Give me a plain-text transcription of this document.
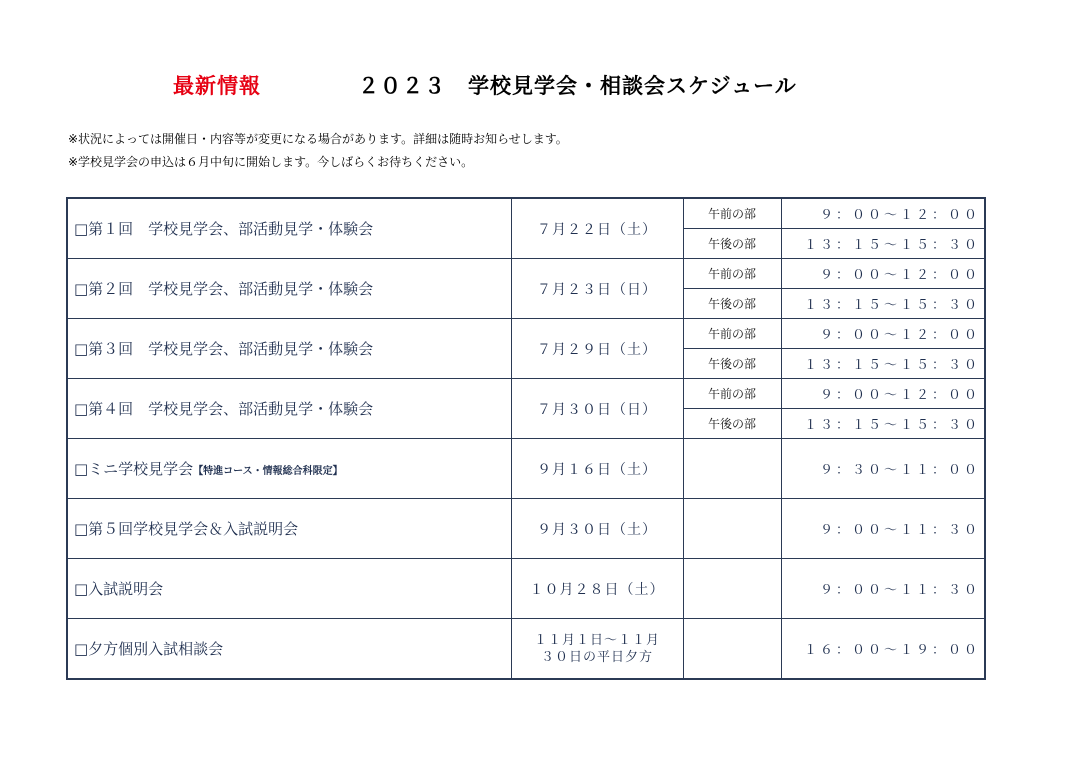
最新情報	２０２３　学校見学会・相談会スケジュール
※状況によっては開催日・内容等が変更になる場合があります。詳細は随時お知らせします。
※学校見学会の申込は６月中旬に開始します。今しばらくお待ちください。
□第１回　学校見学会、部活動見学・体験会	７月２２日（土）	午前の部	９：００～１２：００
		午後の部	１３：１５～１５：３０
□第２回　学校見学会、部活動見学・体験会	７月２３日（日）	午前の部	９：００～１２：００
		午後の部	１３：１５～１５：３０
□第３回　学校見学会、部活動見学・体験会	７月２９日（土）	午前の部	９：００～１２：００
		午後の部	１３：１５～１５：３０
□第４回　学校見学会、部活動見学・体験会	７月３０日（日）	午前の部	９：００～１２：００
		午後の部	１３：１５～１５：３０
□ミニ学校見学会【特進コース・情報総合科限定】	９月１６日（土）		９：３０～１１：００
□第５回学校見学会＆入試説明会	９月３０日（土）		９：００～１１：３０
□入試説明会	１０月２８日（土）		９：００～１１：３０
□夕方個別入試相談会	１１月１日～１１月
３０日の平日夕方		１６：００～１９：００
